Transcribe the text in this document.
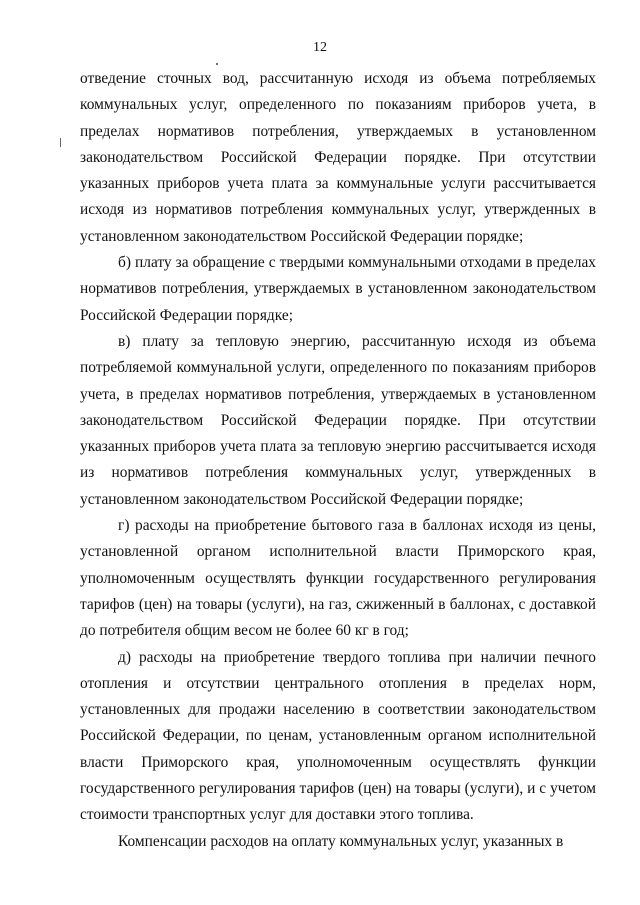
12

отведение сточных вод, рассчитанную исходя из объема потребляемых коммунальных услуг, определенного по показаниям приборов учета, в пределах нормативов потребления, утверждаемых в установленном законодательством Российской Федерации порядке. При отсутствии указанных приборов учета плата за коммунальные услуги рассчитывается исходя из нормативов потребления коммунальных услуг, утвержденных в установленном законодательством Российской Федерации порядке;

б) плату за обращение с твердыми коммунальными отходами в пределах нормативов потребления, утверждаемых в установленном законодательством Российской Федерации порядке;

в) плату за тепловую энергию, рассчитанную исходя из объема потребляемой коммунальной услуги, определенного по показаниям приборов учета, в пределах нормативов потребления, утверждаемых в установленном законодательством Российской Федерации порядке. При отсутствии указанных приборов учета плата за тепловую энергию рассчитывается исходя из нормативов потребления коммунальных услуг, утвержденных в установленном законодательством Российской Федерации порядке;

г) расходы на приобретение бытового газа в баллонах исходя из цены, установленной органом исполнительной власти Приморского края, уполномоченным осуществлять функции государственного регулирования тарифов (цен) на товары (услуги), на газ, сжиженный в баллонах, с доставкой до потребителя общим весом не более 60 кг в год;

д) расходы на приобретение твердого топлива при наличии печного отопления и отсутствии центрального отопления в пределах норм, установленных для продажи населению в соответствии законодательством Российской Федерации, по ценам, установленным органом исполнительной власти Приморского края, уполномоченным осуществлять функции государственного регулирования тарифов (цен) на товары (услуги), и с учетом стоимости транспортных услуг для доставки этого топлива.

Компенсации расходов на оплату коммунальных услуг, указанных в
